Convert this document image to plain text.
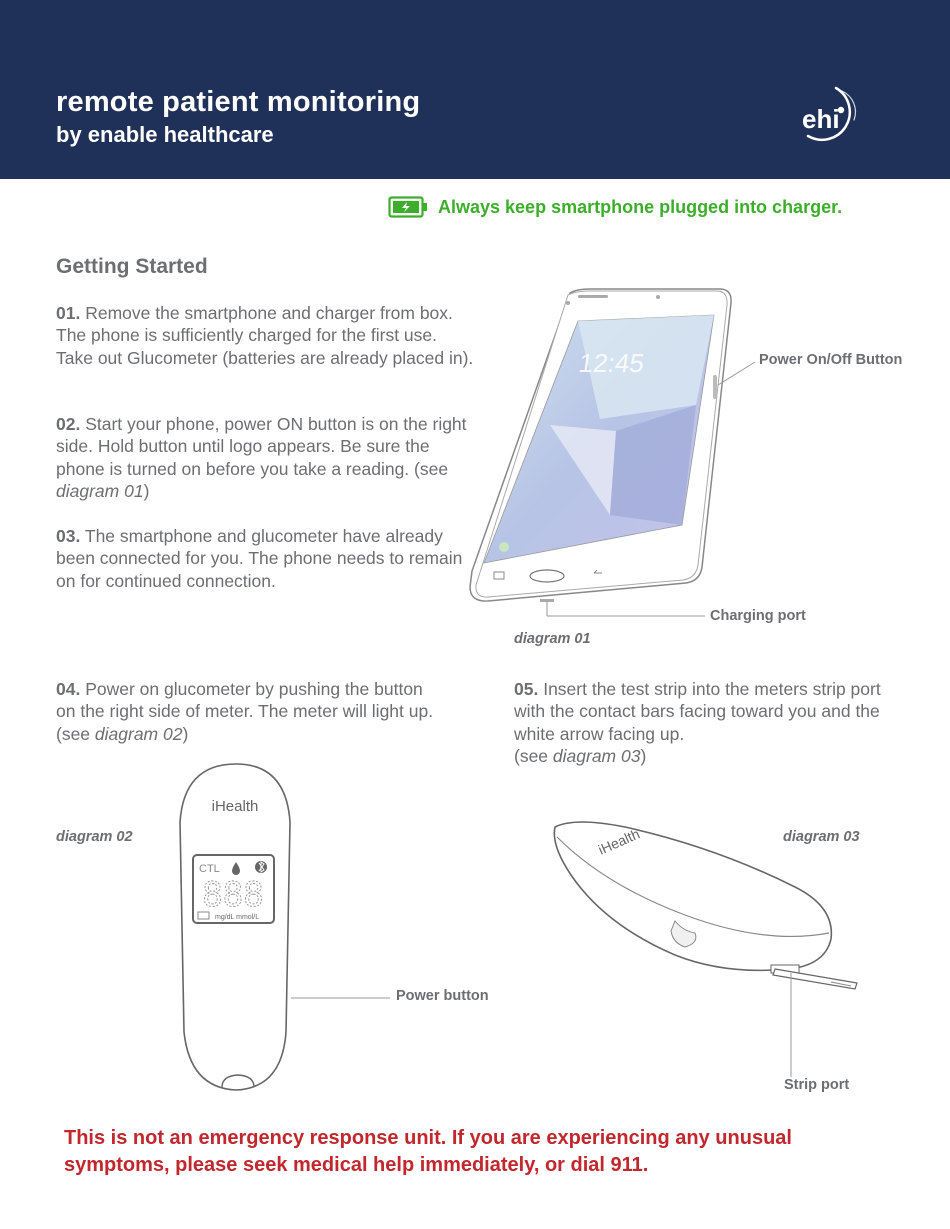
remote patient monitoring
by enable healthcare
ehi
Always keep smartphone plugged into charger.
Getting Started
01. Remove the smartphone and charger from box. The phone is sufficiently charged for the first use. Take out Glucometer (batteries are already placed in).
02. Start your phone, power ON button is on the right side. Hold button until logo appears. Be sure the phone is turned on before you take a reading. (see diagram 01)
03. The smartphone and glucometer have already been connected for you. The phone needs to remain on for continued connection.
04. Power on glucometer by pushing the button on the right side of meter. The meter will light up. (see diagram 02)
05. Insert the test strip into the meters strip port with the contact bars facing toward you and the white arrow facing up.
(see diagram 03)
12:45	Power On/Off Button
Charging port
diagram 01
diagram 02
iHealth
CTL
888
mg/dL mmol/L
Power button
diagram 03
iHealth
Strip port
This is not an emergency response unit. If you are experiencing any unusual symptoms, please seek medical help immediately, or dial 911.
